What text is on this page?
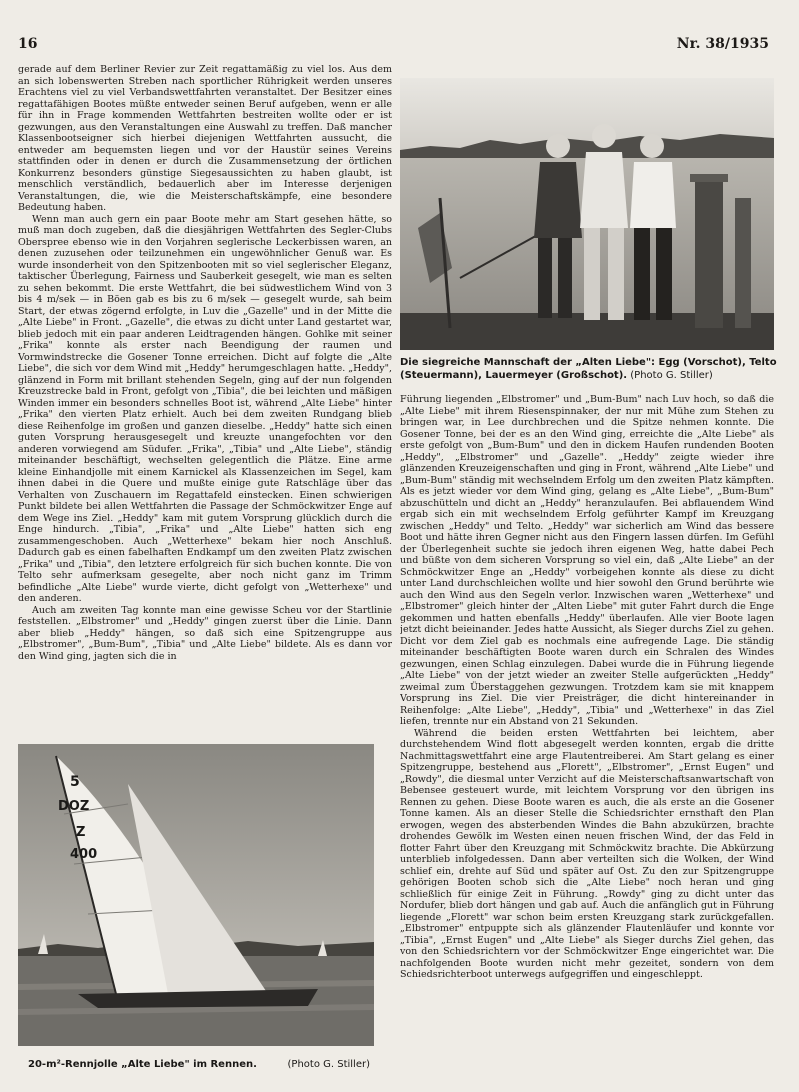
16	Nr. 38/1935

gerade auf dem Berliner Revier zur Zeit regattamäßig zu viel los. Aus dem an sich lobenswerten Streben nach sportlicher Rührigkeit werden unseres Erachtens viel zu viel Verbandswettfahrten veranstaltet. Der Besitzer eines regattafähigen Bootes müßte entweder seinen Beruf aufgeben, wenn er alle für ihn in Frage kommenden Wettfahrten bestreiten wollte oder er ist gezwungen, aus den Veranstaltungen eine Auswahl zu treffen. Daß mancher Klassenbootseigner sich hierbei diejenigen Wettfahrten aussucht, die entweder am bequemsten liegen und vor der Haustür seines Vereins stattfinden oder in denen er durch die Zusammensetzung der örtlichen Konkurrenz besonders günstige Siegesaussichten zu haben glaubt, ist menschlich verständlich, bedauerlich aber im Interesse derjenigen Veranstaltungen, die, wie die Meisterschaftskämpfe, eine besondere Bedeutung haben.

Wenn man auch gern ein paar Boote mehr am Start gesehen hätte, so muß man doch zugeben, daß die diesjährigen Wettfahrten des Segler-Clubs Oberspree ebenso wie in den Vorjahren seglerische Leckerbissen waren, an denen zuzusehen oder teilzunehmen ein ungewöhnlicher Genuß war. Es wurde insonderheit von den Spitzenbooten mit so viel seglerischer Eleganz, taktischer Überlegung, Fairness und Sauberkeit gesegelt, wie man es selten zu sehen bekommt. Die erste Wettfahrt, die bei südwestlichem Wind von 3 bis 4 m/sek — in Böen gab es bis zu 6 m/sek — gesegelt wurde, sah beim Start, der etwas zögernd erfolgte, in Luv die „Gazelle" und in der Mitte die „Alte Liebe" in Front. „Gazelle", die etwas zu dicht unter Land gestartet war, blieb jedoch mit ein paar anderen Leidtragenden hängen. Gohlke mit seiner „Frika" konnte als erster nach Beendigung der raumen und Vormwindstrecke die Gosener Tonne erreichen. Dicht auf folgte die „Alte Liebe", die sich vor dem Wind mit „Heddy" herumgeschlagen hatte. „Heddy", glänzend in Form mit brillant stehenden Segeln, ging auf der nun folgenden Kreuzstrecke bald in Front, gefolgt von „Tibia", die bei leichten und mäßigen Winden immer ein besonders schnelles Boot ist, während „Alte Liebe" hinter „Frika" den vierten Platz erhielt. Auch bei dem zweiten Rundgang blieb diese Reihenfolge im großen und ganzen dieselbe. „Heddy" hatte sich einen guten Vorsprung herausgesegelt und kreuzte unangefochten vor den anderen vorwiegend am Südufer. „Frika", „Tibia" und „Alte Liebe", ständig miteinander beschäftigt, wechselten gelegentlich die Plätze. Eine arme kleine Einhandjolle mit einem Karnickel als Klassenzeichen im Segel, kam ihnen dabei in die Quere und mußte einige gute Ratschläge über das Verhalten von Zuschauern im Regattafeld einstecken. Einen schwierigen Punkt bildete bei allen Wettfahrten die Passage der Schmöckwitzer Enge auf dem Wege ins Ziel. „Heddy" kam mit gutem Vorsprung glücklich durch die Enge hindurch. „Tibia", „Frika" und „Alte Liebe" hatten sich eng zusammengeschoben. Auch „Wetterhexe" bekam hier noch Anschluß. Dadurch gab es einen fabelhaften Endkampf um den zweiten Platz zwischen „Frika" und „Tibia", den letztere erfolgreich für sich buchen konnte. Die von Telto sehr aufmerksam gesegelte, aber noch nicht ganz im Trimm befindliche „Alte Liebe" wurde vierte, dicht gefolgt von „Wetterhexe" und den anderen.

Auch am zweiten Tag konnte man eine gewisse Scheu vor der Startlinie feststellen. „Elbstromer" und „Heddy" gingen zuerst über die Linie. Dann aber blieb „Heddy" hängen, so daß sich eine Spitzengruppe aus „Elbstromer", „Bum-Bum", „Tibia" und „Alte Liebe" bildete. Als es dann vor den Wind ging, jagten sich die in

Die siegreiche Mannschaft der „Alten Liebe": Egg (Vorschot), Telto (Steuermann), Lauermeyer (Großschot). (Photo G. Stiller)
5
DOZ
Z
400
20-m²-Rennjolle „Alte Liebe" im Rennen.	(Photo G. Stiller)

Führung liegenden „Elbstromer" und „Bum-Bum" nach Luv hoch, so daß die „Alte Liebe" mit ihrem Riesenspinnaker, der nur mit Mühe zum Stehen zu bringen war, in Lee durchbrechen und die Spitze nehmen konnte. Die Gosener Tonne, bei der es an den Wind ging, erreichte die „Alte Liebe" als erste gefolgt von „Bum-Bum" und den in dickem Haufen rundenden Booten „Heddy", „Elbstromer" und „Gazelle". „Heddy" zeigte wieder ihre glänzenden Kreuzeigenschaften und ging in Front, während „Alte Liebe" und „Bum-Bum" ständig mit wechselndem Erfolg um den zweiten Platz kämpften. Als es jetzt wieder vor dem Wind ging, gelang es „Alte Liebe", „Bum-Bum" abzuschütteln und dicht an „Heddy" heranzulaufen. Bei abflauendem Wind ergab sich ein mit wechselndem Erfolg geführter Kampf im Kreuzgang zwischen „Heddy" und Telto. „Heddy" war sicherlich am Wind das bessere Boot und hätte ihren Gegner nicht aus den Fingern lassen dürfen. Im Gefühl der Überlegenheit suchte sie jedoch ihren eigenen Weg, hatte dabei Pech und büßte von dem sicheren Vorsprung so viel ein, daß „Alte Liebe" an der Schmöckwitzer Enge an „Heddy" vorbeigehen konnte als diese zu dicht unter Land durchschleichen wollte und hier sowohl den Grund berührte wie auch den Wind aus den Segeln verlor. Inzwischen waren „Wetterhexe" und „Elbstromer" gleich hinter der „Alten Liebe" mit guter Fahrt durch die Enge gekommen und hatten ebenfalls „Heddy" überlaufen. Alle vier Boote lagen jetzt dicht beieinander. Jedes hatte Aussicht, als Sieger durchs Ziel zu gehen. Dicht vor dem Ziel gab es nochmals eine aufregende Lage. Die ständig miteinander beschäftigten Boote waren durch ein Schralen des Windes gezwungen, einen Schlag einzulegen. Dabei wurde die in Führung liegende „Alte Liebe" von der jetzt wieder an zweiter Stelle aufgerückten „Heddy" zweimal zum Überstaggehen gezwungen. Trotzdem kam sie mit knappem Vorsprung ins Ziel. Die vier Preisträger, die dicht hintereinander in Reihenfolge: „Alte Liebe", „Heddy", „Tibia" und „Wetterhexe" in das Ziel liefen, trennte nur ein Abstand von 21 Sekunden.

Während die beiden ersten Wettfahrten bei leichtem, aber durchstehendem Wind flott abgesegelt werden konnten, ergab die dritte Nachmittagswettfahrt eine arge Flautentreiberei. Am Start gelang es einer Spitzengruppe, bestehend aus „Florett", „Elbstromer", „Ernst Eugen" und „Rowdy", die diesmal unter Verzicht auf die Meisterschaftsanwartschaft von Bebensee gesteuert wurde, mit leichtem Vorsprung vor den übrigen ins Rennen zu gehen. Diese Boote waren es auch, die als erste an die Gosener Tonne kamen. Als an dieser Stelle die Schiedsrichter ernsthaft den Plan erwogen, wegen des absterbenden Windes die Bahn abzukürzen, brachte drohendes Gewölk im Westen einen neuen frischen Wind, der das Feld in flotter Fahrt über den Kreuzgang mit Schmöckwitz brachte. Die Abkürzung unterblieb infolgedessen. Dann aber verteilten sich die Wolken, der Wind schlief ein, drehte auf Süd und später auf Ost. Zu den zur Spitzengruppe gehörigen Booten schob sich die „Alte Liebe" noch heran und ging schließlich für einige Zeit in Führung. „Rowdy" ging zu dicht unter das Nordufer, blieb dort hängen und gab auf. Auch die anfänglich gut in Führung liegende „Florett" war schon beim ersten Kreuzgang stark zurückgefallen. „Elbstromer" entpuppte sich als glänzender Flautenläufer und konnte vor „Tibia", „Ernst Eugen" und „Alte Liebe" als Sieger durchs Ziel gehen, das von den Schiedsrichtern vor der Schmöckwitzer Enge eingerichtet war. Die nachfolgenden Boote wurden nicht mehr gezeitet, sondern von dem Schiedsrichterboot unterwegs aufgegriffen und eingeschleppt.
